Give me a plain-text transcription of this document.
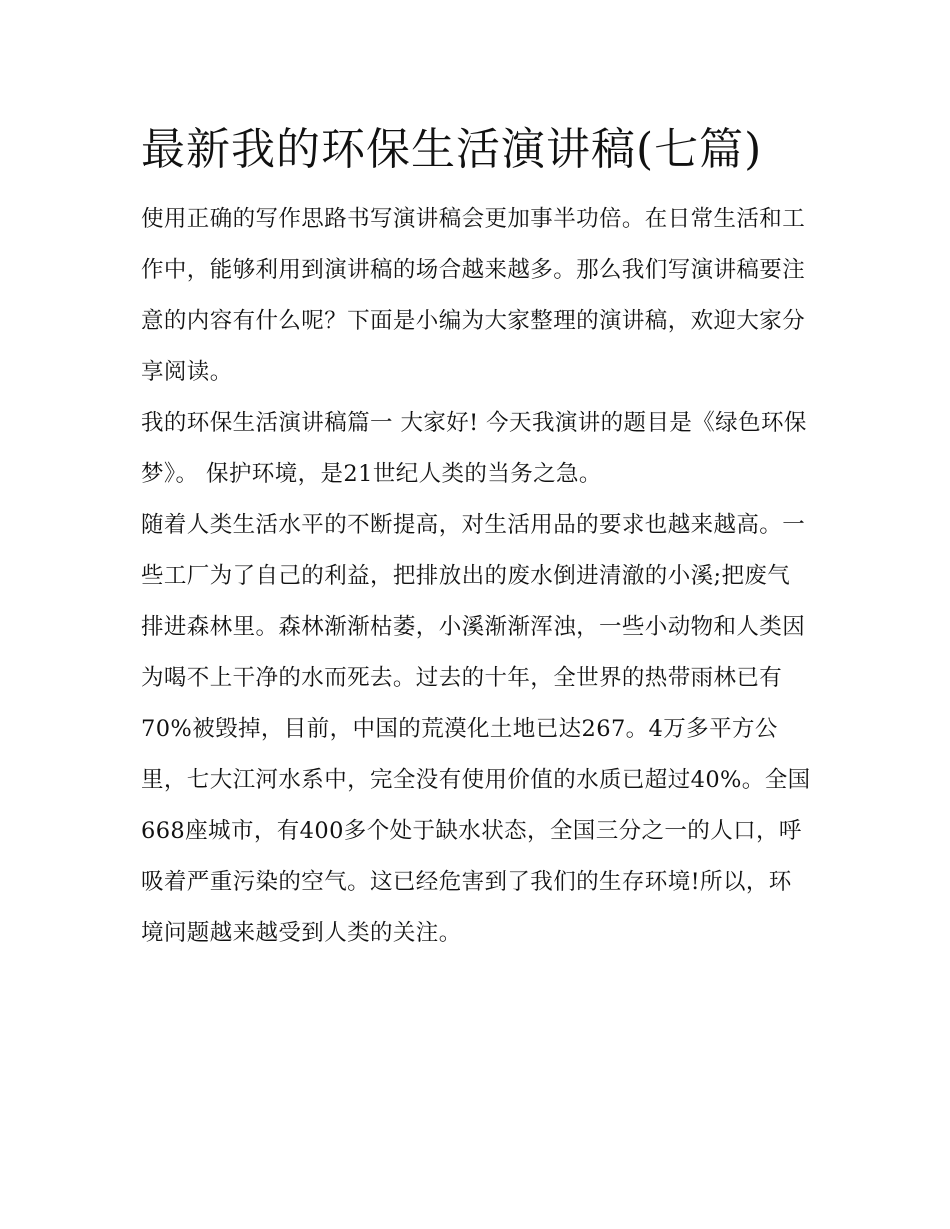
最新我的环保生活演讲稿(七篇)

使用正确的写作思路书写演讲稿会更加事半功倍。在日常生活和工作中，能够利用到演讲稿的场合越来越多。那么我们写演讲稿要注意的内容有什么呢？下面是小编为大家整理的演讲稿，欢迎大家分享阅读。

我的环保生活演讲稿篇一 大家好! 今天我演讲的题目是《绿色环保梦》。 保护环境，是21世纪人类的当务之急。

随着人类生活水平的不断提高，对生活用品的要求也越来越高。一些工厂为了自己的利益，把排放出的废水倒进清澈的小溪;把废气排进森林里。森林渐渐枯萎，小溪渐渐浑浊，一些小动物和人类因为喝不上干净的水而死去。过去的十年，全世界的热带雨林已有70%被毁掉，目前，中国的荒漠化土地已达267。4万多平方公里，七大江河水系中，完全没有使用价值的水质已超过40%。全国668座城市，有400多个处于缺水状态，全国三分之一的人口，呼吸着严重污染的空气。这已经危害到了我们的生存环境!所以，环境问题越来越受到人类的关注。
